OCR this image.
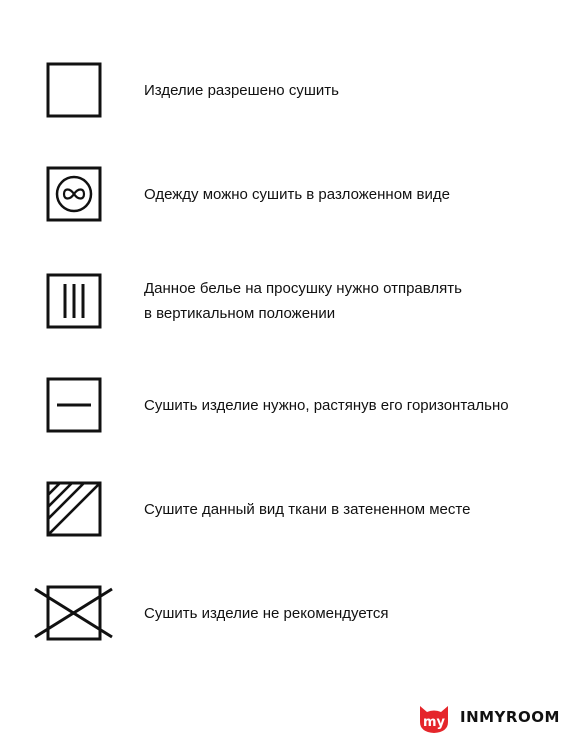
Изделие разрешено сушить
Одежду можно сушить в разложенном виде
Данное белье на просушку нужно отправлять
в вертикальном положении
Сушить изделие нужно, растянув его горизонтально
Сушите данный вид ткани в затененном месте
Сушить изделие не рекомендуется
my INMYROOM
